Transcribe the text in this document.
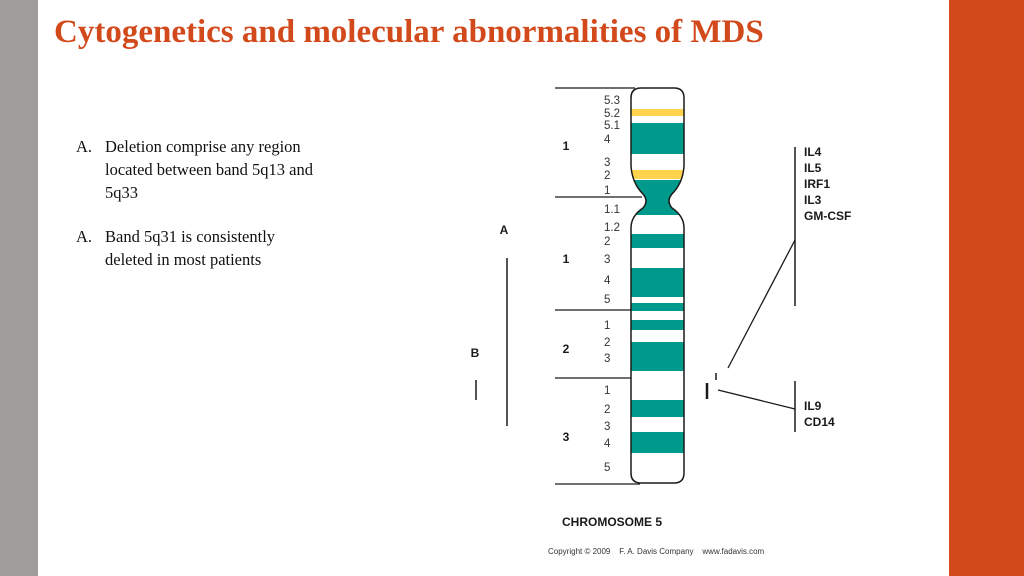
Cytogenetics and molecular abnormalities of MDS
A. Deletion comprise any region located between band 5q13 and 5q33
A. Band 5q31 is consistently deleted in most patients
1
1
2
3
5.3
5.2
5.1
4
3
2
1
1.1
1.2
2
3
4
5
1
2
3
1
2
3
4
5
A
B
IL4
IL5
IRF1
IL3
GM-CSF
IL9
CD14
CHROMOSOME 5
Copyright © 2009    F. A. Davis Company    www.fadavis.com
